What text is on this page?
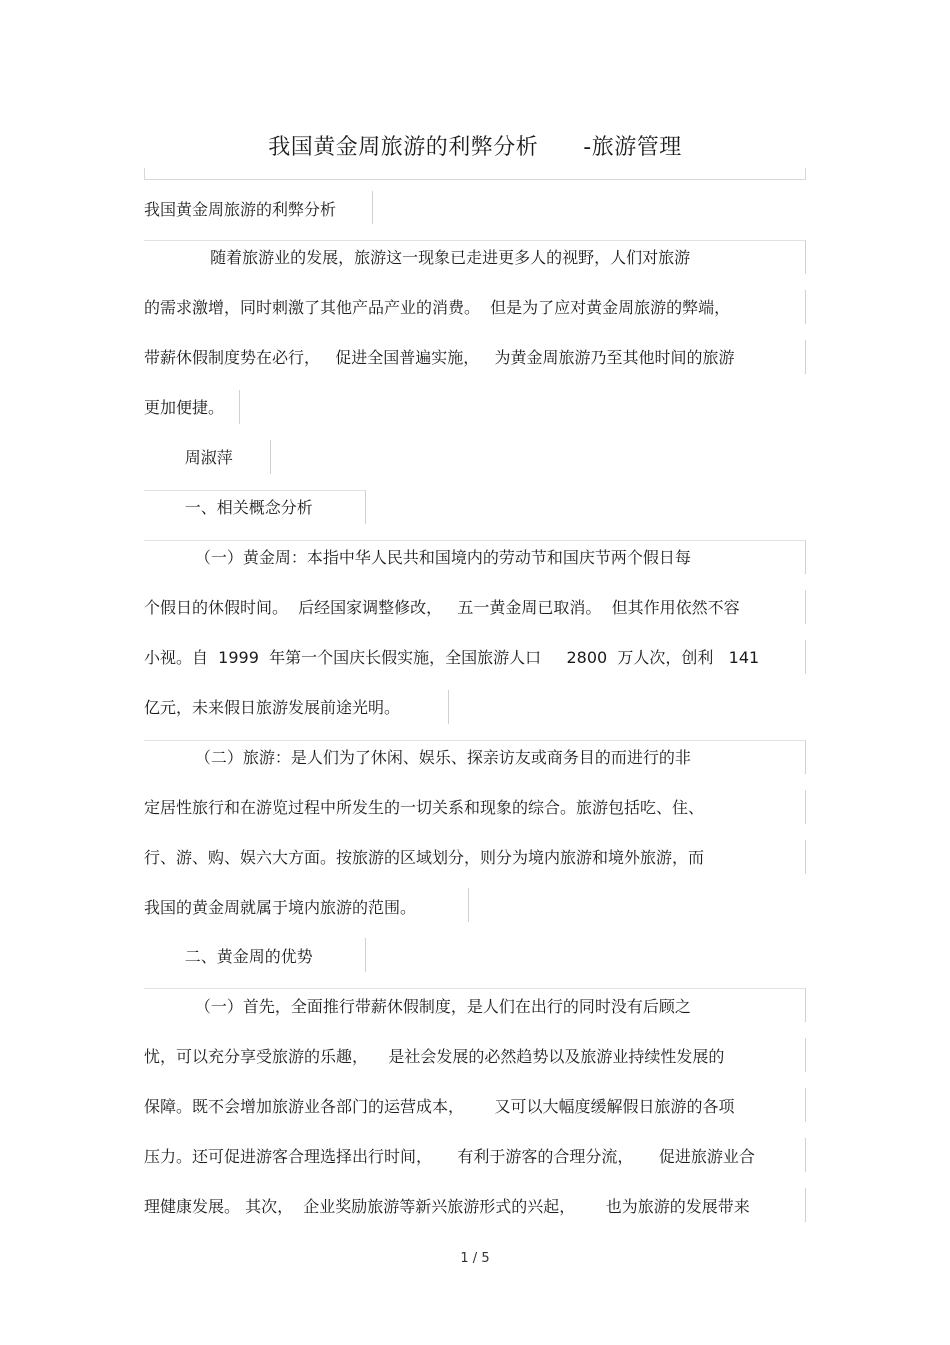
我国黄金周旅游的利弊分析      -旅游管理
我国黄金周旅游的利弊分析
随着旅游业的发展，旅游这一现象已走进更多人的视野，人们对旅游
的需求激增，同时刺激了其他产品产业的消费。  但是为了应对黄金周旅游的弊端，
带薪休假制度势在必行，   促进全国普遍实施，   为黄金周旅游乃至其他时间的旅游
更加便捷。
周淑萍
一、相关概念分析
（一）黄金周：本指中华人民共和国境内的劳动节和国庆节两个假日每
个假日的休假时间。  后经国家调整修改，   五一黄金周已取消。  但其作用依然不容
小视。自  1999  年第一个国庆长假实施，全国旅游人口     2800  万人次，创利   141
亿元，未来假日旅游发展前途光明。
（二）旅游：是人们为了休闲、娱乐、探亲访友或商务目的而进行的非
定居性旅行和在游览过程中所发生的一切关系和现象的综合。旅游包括吃、住、
行、游、购、娱六大方面。按旅游的区域划分，则分为境内旅游和境外旅游，而
我国的黄金周就属于境内旅游的范围。
二、黄金周的优势
（一）首先，全面推行带薪休假制度，是人们在出行的同时没有后顾之
忧，可以充分享受旅游的乐趣，    是社会发展的必然趋势以及旅游业持续性发展的
保障。既不会增加旅游业各部门的运营成本，      又可以大幅度缓解假日旅游的各项
压力。还可促进游客合理选择出行时间，     有利于游客的合理分流，     促进旅游业合
理健康发展。 其次，  企业奖励旅游等新兴旅游形式的兴起，      也为旅游的发展带来
1 / 5
